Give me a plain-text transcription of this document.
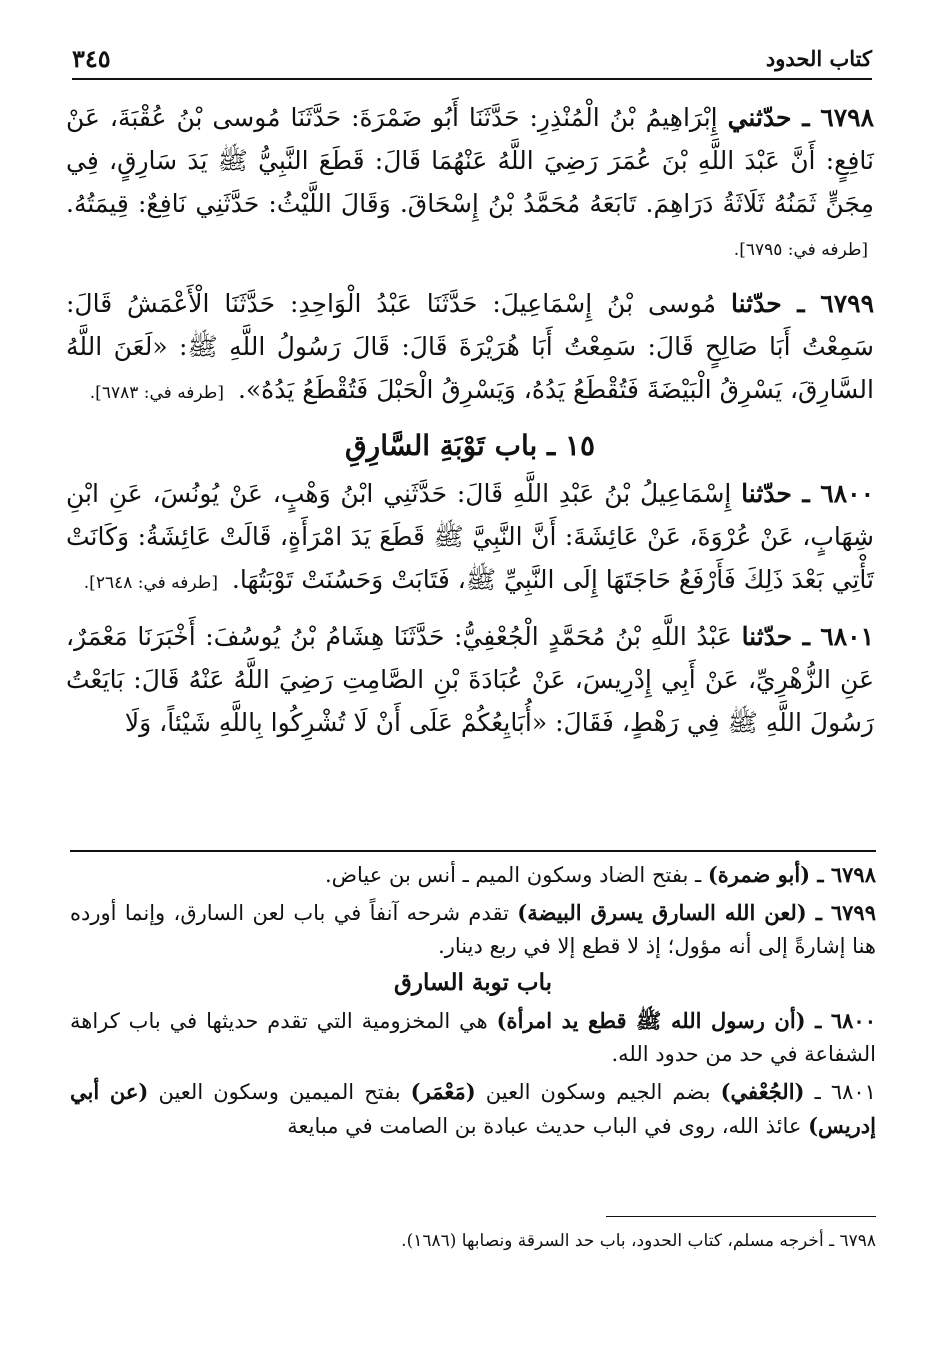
كتاب الحدود
٣٤٥

٦٧٩٨ ـ حدّثني إِبْرَاهِيمُ بْنُ الْمُنْذِرِ: حَدَّثَنَا أَبُو ضَمْرَةَ: حَدَّثَنَا مُوسى بْنُ عُقْبَةَ، عَنْ نَافِعٍ: أَنَّ عَبْدَ اللَّهِ بْنَ عُمَرَ رَضِيَ اللَّهُ عَنْهُمَا قَالَ: قَطَعَ النَّبِيُّ ﷺ يَدَ سَارِقٍ، فِي مِجَنٍّ ثَمَنُهُ ثَلَاثَةُ دَرَاهِمَ. تَابَعَهُ مُحَمَّدُ بْنُ إِسْحَاقَ. وَقَالَ اللَّيْثُ: حَدَّثَنِي نَافِعٌ: قِيمَتُهُ. [طرفه في: ٦٧٩٥].

٦٧٩٩ ـ حدّثنا مُوسى بْنُ إِسْمَاعِيلَ: حَدَّثَنَا عَبْدُ الْوَاحِدِ: حَدَّثَنَا الْأَعْمَشُ قَالَ: سَمِعْتُ أَبَا صَالِحٍ قَالَ: سَمِعْتُ أَبَا هُرَيْرَةَ قَالَ: قَالَ رَسُولُ اللَّهِ ﷺ: «لَعَنَ اللَّهُ السَّارِقَ، يَسْرِقُ الْبَيْضَةَ فَتُقْطَعُ يَدُهُ، وَيَسْرِقُ الْحَبْلَ فَتُقْطَعُ يَدُهُ». [طرفه في: ٦٧٨٣].

١٥ ـ باب تَوْبَةِ السَّارِقِ

٦٨٠٠ ـ حدّثنا إِسْمَاعِيلُ بْنُ عَبْدِ اللَّهِ قَالَ: حَدَّثَنِي ابْنُ وَهْبٍ، عَنْ يُونُسَ، عَنِ ابْنِ شِهَابٍ، عَنْ عُرْوَةَ، عَنْ عَائِشَةَ: أَنَّ النَّبِيَّ ﷺ قَطَعَ يَدَ امْرَأَةٍ، قَالَتْ عَائِشَةُ: وَكَانَتْ تَأْتِي بَعْدَ ذَلِكَ فَأَرْفَعُ حَاجَتَهَا إِلَى النَّبِيِّ ﷺ، فَتَابَتْ وَحَسُنَتْ تَوْبَتُهَا. [طرفه في: ٢٦٤٨].

٦٨٠١ ـ حدّثنا عَبْدُ اللَّهِ بْنُ مُحَمَّدٍ الْجُعْفِيُّ: حَدَّثَنَا هِشَامُ بْنُ يُوسُفَ: أَخْبَرَنَا مَعْمَرٌ، عَنِ الزُّهْرِيِّ، عَنْ أَبِي إِدْرِيسَ، عَنْ عُبَادَةَ بْنِ الصَّامِتِ رَضِيَ اللَّهُ عَنْهُ قَالَ: بَايَعْتُ رَسُولَ اللَّهِ ﷺ فِي رَهْطٍ، فَقَالَ: «أُبَايِعُكُمْ عَلَى أَنْ لَا تُشْرِكُوا بِاللَّهِ شَيْئاً، وَلَا

٦٧٩٨ ـ (أبو ضمرة) ـ بفتح الضاد وسكون الميم ـ أنس بن عياض.

٦٧٩٩ ـ (لعن الله السارق يسرق البيضة) تقدم شرحه آنفاً في باب لعن السارق، وإنما أورده هنا إشارةً إلى أنه مؤول؛ إذ لا قطع إلا في ربع دينار.

باب توبة السارق

٦٨٠٠ ـ (أن رسول الله ﷺ قطع يد امرأة) هي المخزومية التي تقدم حديثها في باب كراهة الشفاعة في حد من حدود الله.

٦٨٠١ ـ (الجُعْفي) بضم الجيم وسكون العين (مَعْمَر) بفتح الميمين وسكون العين (عن أبي إدريس) عائذ الله، روى في الباب حديث عبادة بن الصامت في مبايعة

٦٧٩٨ ـ أخرجه مسلم، كتاب الحدود، باب حد السرقة ونصابها (١٦٨٦).
